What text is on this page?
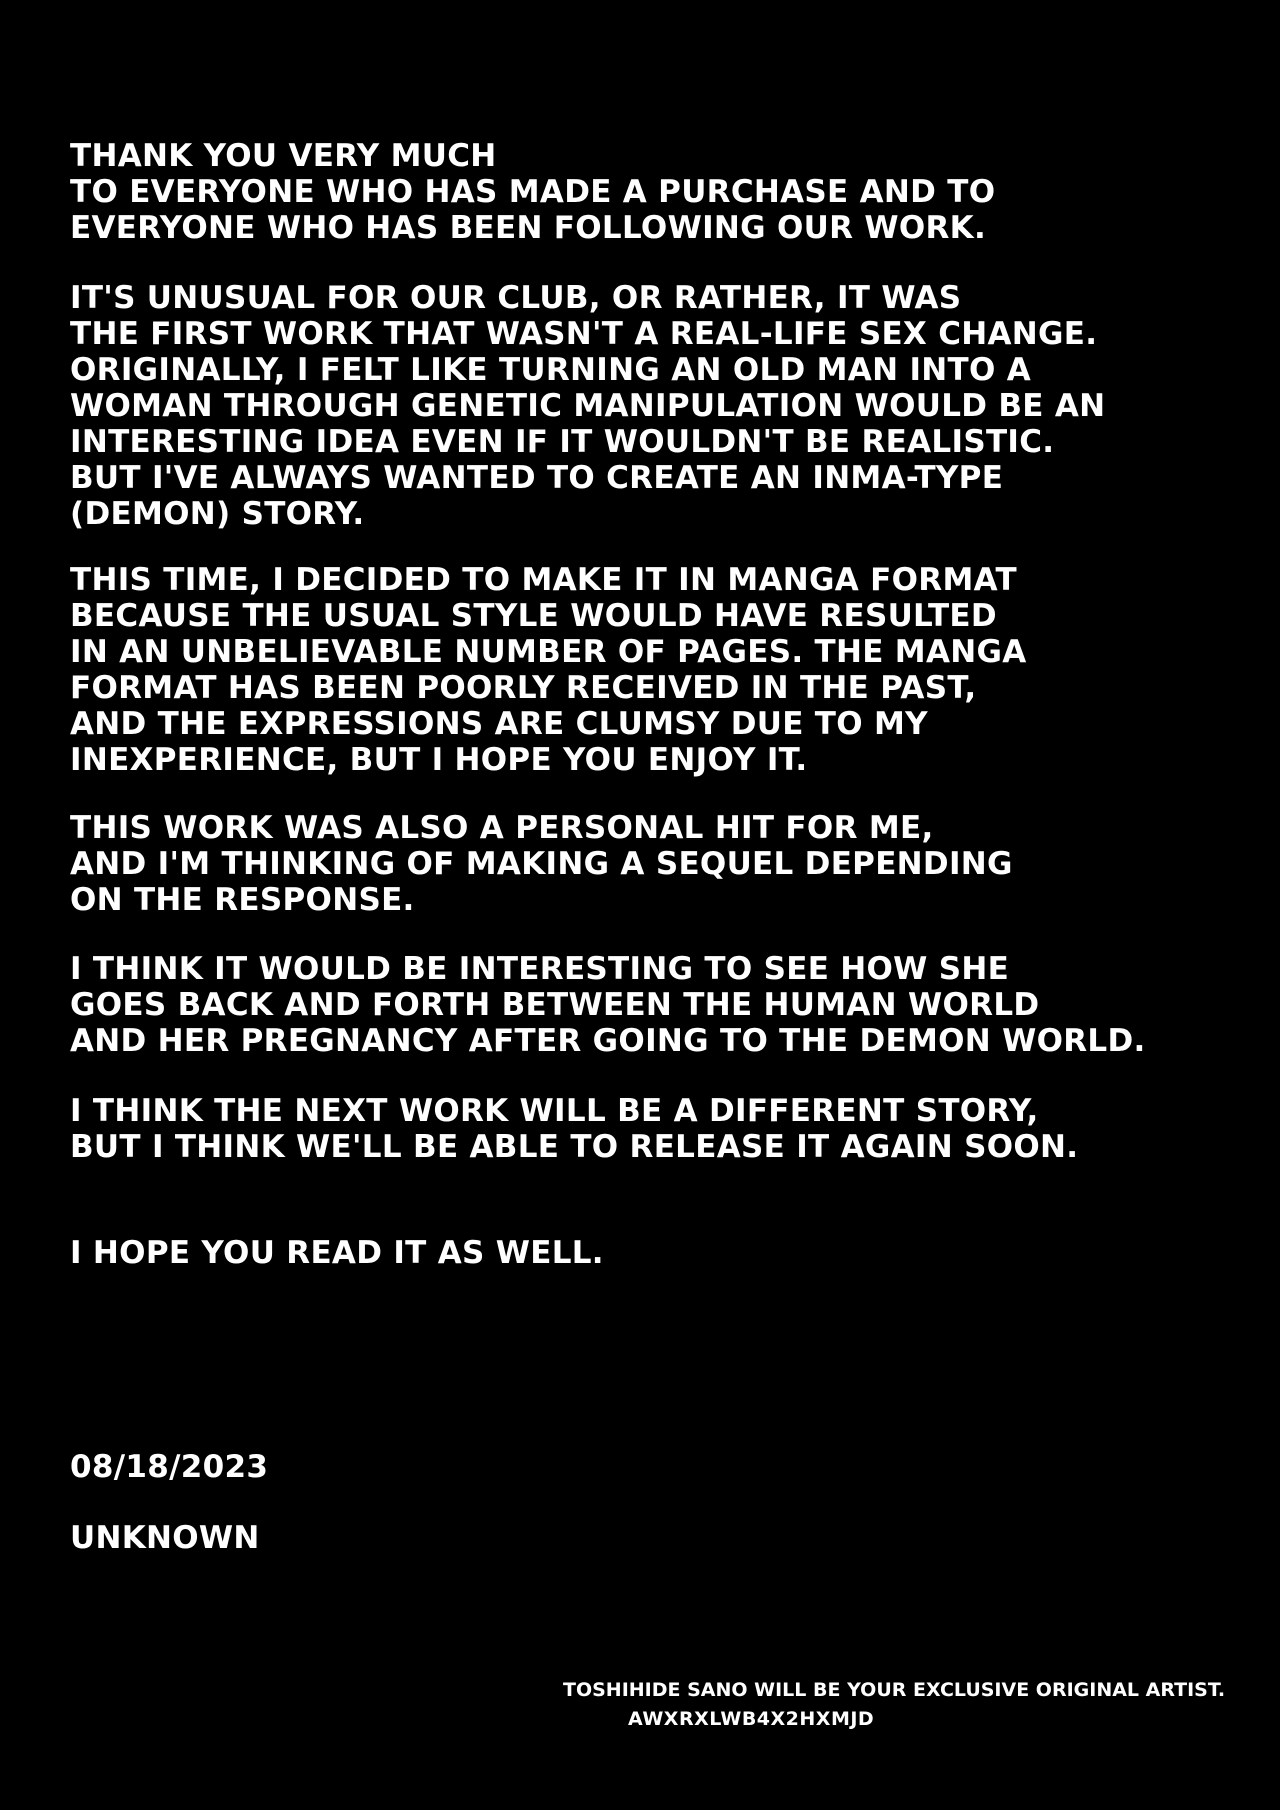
THANK YOU VERY MUCH
TO EVERYONE WHO HAS MADE A PURCHASE AND TO
EVERYONE WHO HAS BEEN FOLLOWING OUR WORK.
IT'S UNUSUAL FOR OUR CLUB, OR RATHER, IT WAS
THE FIRST WORK THAT WASN'T A REAL-LIFE SEX CHANGE.
ORIGINALLY, I FELT LIKE TURNING AN OLD MAN INTO A
WOMAN THROUGH GENETIC MANIPULATION WOULD BE AN
INTERESTING IDEA EVEN IF IT WOULDN'T BE REALISTIC.
BUT I'VE ALWAYS WANTED TO CREATE AN INMA-TYPE
(DEMON) STORY.
THIS TIME, I DECIDED TO MAKE IT IN MANGA FORMAT
BECAUSE THE USUAL STYLE WOULD HAVE RESULTED
IN AN UNBELIEVABLE NUMBER OF PAGES. THE MANGA
FORMAT HAS BEEN POORLY RECEIVED IN THE PAST,
AND THE EXPRESSIONS ARE CLUMSY DUE TO MY
INEXPERIENCE, BUT I HOPE YOU ENJOY IT.
THIS WORK WAS ALSO A PERSONAL HIT FOR ME,
AND I'M THINKING OF MAKING A SEQUEL DEPENDING
ON THE RESPONSE.
I THINK IT WOULD BE INTERESTING TO SEE HOW SHE
GOES BACK AND FORTH BETWEEN THE HUMAN WORLD
AND HER PREGNANCY AFTER GOING TO THE DEMON WORLD.
I THINK THE NEXT WORK WILL BE A DIFFERENT STORY,
BUT I THINK WE'LL BE ABLE TO RELEASE IT AGAIN SOON.
I HOPE YOU READ IT AS WELL.
08/18/2023
UNKNOWN
TOSHIHIDE SANO WILL BE YOUR EXCLUSIVE ORIGINAL ARTIST.
AWXRXLWB4X2HXMJD
